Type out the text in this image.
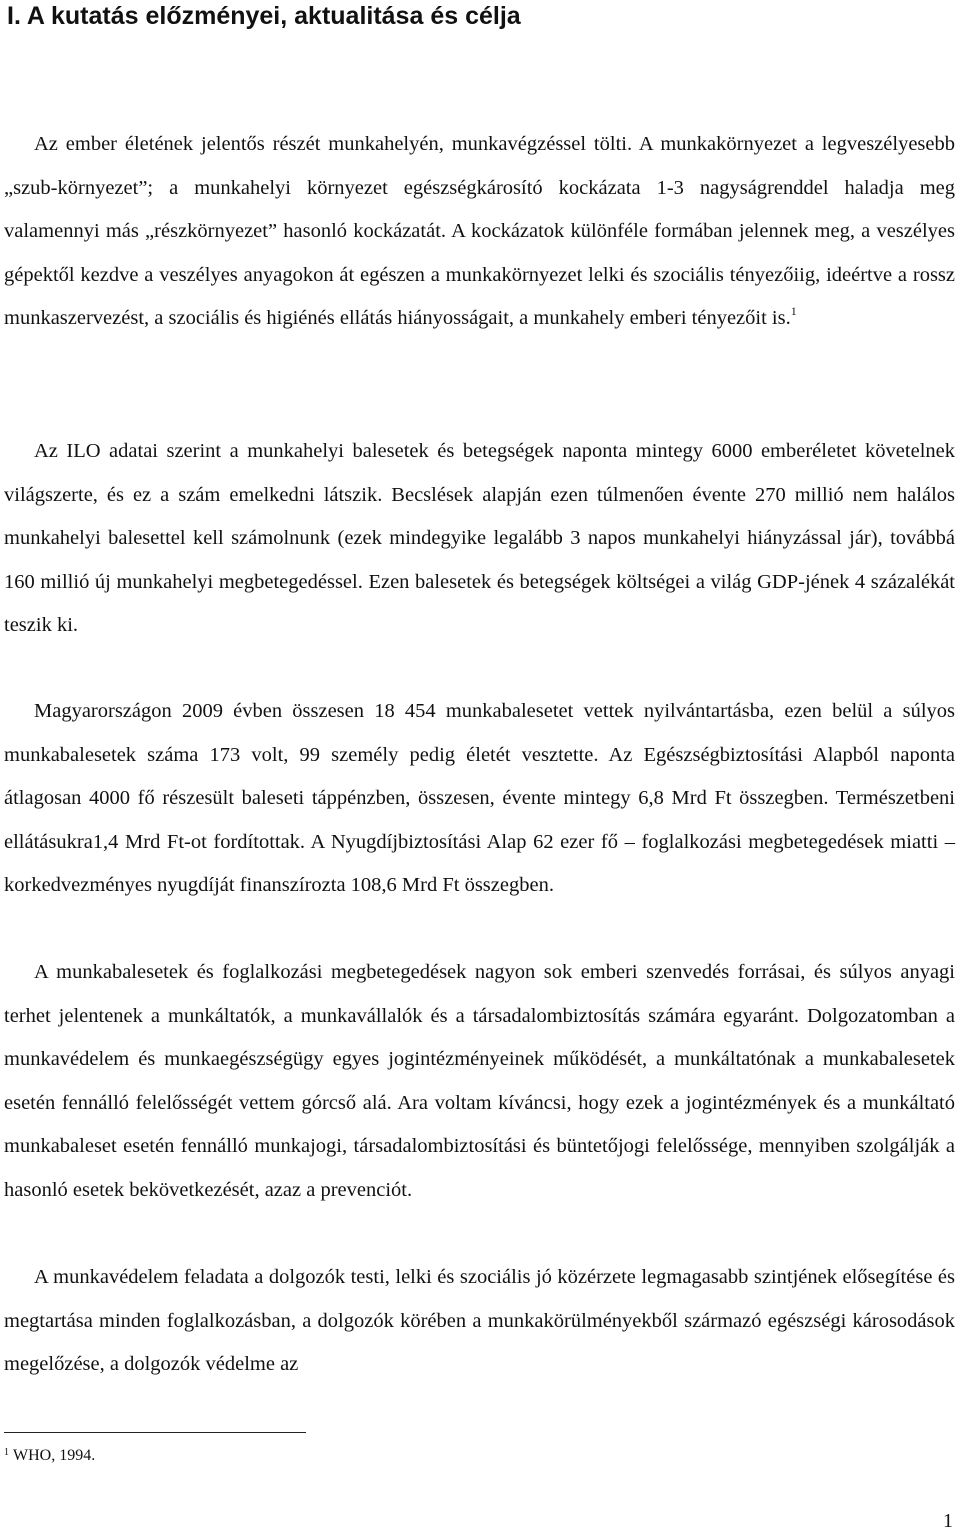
I. A kutatás előzményei, aktualitása és célja

Az ember életének jelentős részét munkahelyén, munkavégzéssel tölti. A munkakörnyezet a legveszélyesebb „szub-környezet”; a munkahelyi környezet egészségkárosító kockázata 1-3 nagyságrenddel haladja meg valamennyi más „részkörnyezet” hasonló kockázatát. A kockázatok különféle formában jelennek meg, a veszélyes gépektől kezdve a veszélyes anyagokon át egészen a munkakörnyezet lelki és szociális tényezőiig, ideértve a rossz munkaszervezést, a szociális és higiénés ellátás hiányosságait, a munkahely emberi tényezőit is.$^1$

Az ILO adatai szerint a munkahelyi balesetek és betegségek naponta mintegy 6000 emberéletet követelnek világszerte, és ez a szám emelkedni látszik. Becslések alapján ezen túlmenően évente 270 millió nem halálos munkahelyi balesettel kell számolnunk (ezek mindegyike legalább 3 napos munkahelyi hiányzással jár), továbbá 160 millió új munkahelyi megbetegedéssel. Ezen balesetek és betegségek költségei a világ GDP-jének 4 százalékát teszik ki.

Magyarországon 2009 évben összesen 18 454 munkabalesetet vettek nyilvántartásba, ezen belül a súlyos munkabalesetek száma 173 volt, 99 személy pedig életét vesztette. Az Egészségbiztosítási Alapból naponta átlagosan 4000 fő részesült baleseti táppénzben, összesen, évente mintegy 6,8 Mrd Ft összegben. Természetbeni ellátásukra1,4 Mrd Ft-ot fordítottak. A Nyugdíjbiztosítási Alap 62 ezer fő – foglalkozási megbetegedések miatti – korkedvezményes nyugdíját finanszírozta 108,6 Mrd Ft összegben.

A munkabalesetek és foglalkozási megbetegedések nagyon sok emberi szenvedés forrásai, és súlyos anyagi terhet jelentenek a munkáltatók, a munkavállalók és a társadalombiztosítás számára egyaránt. Dolgozatomban a munkavédelem és munkaegészségügy egyes jogintézményeinek működését, a munkáltatónak a munkabalesetek esetén fennálló felelősségét vettem górcső alá. Ara voltam kíváncsi, hogy ezek a jogintézmények és a munkáltató munkabaleset esetén fennálló munkajogi, társadalombiztosítási és büntetőjogi felelőssége, mennyiben szolgálják a hasonló esetek bekövetkezését, azaz a prevenciót.

A munkavédelem feladata a dolgozók testi, lelki és szociális jó közérzete legmagasabb szintjének elősegítése és megtartása minden foglalkozásban, a dolgozók körében a munkakörülményekből származó egészségi károsodások megelőzése, a dolgozók védelme az

$^1$ WHO, 1994.

1
